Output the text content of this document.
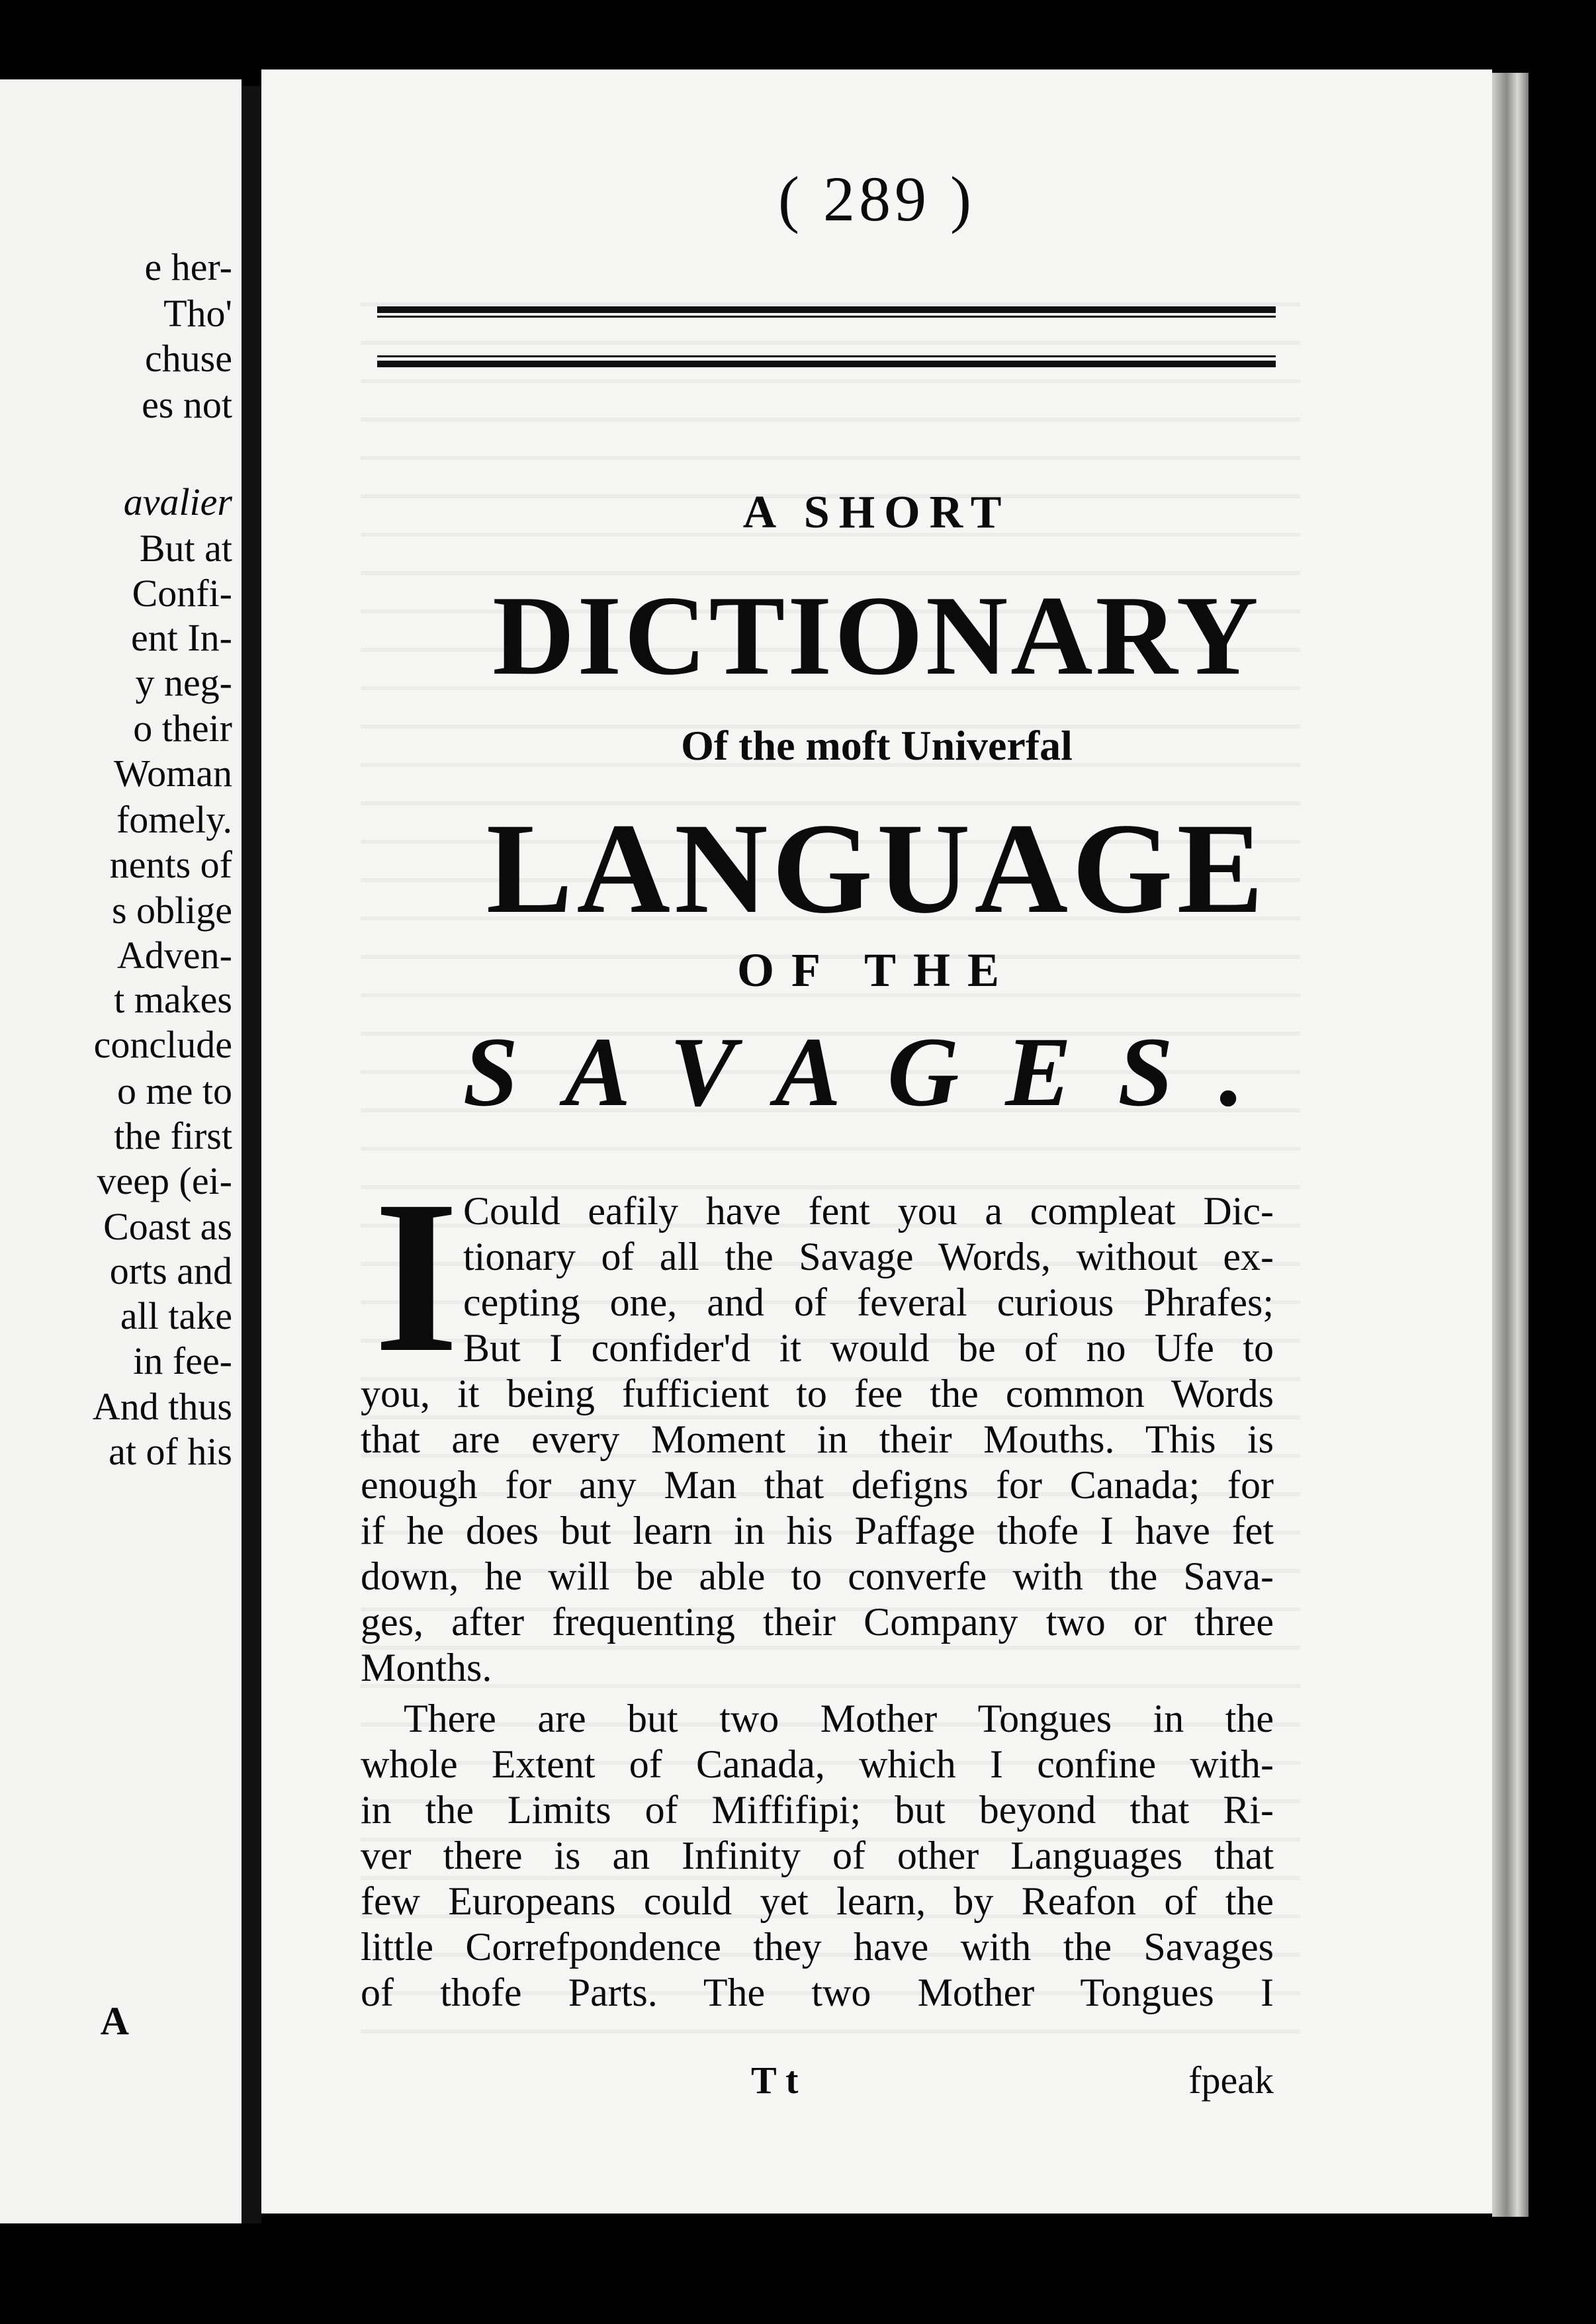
e her-
Tho'
chuse
es not
avalier
But at
Confi-
ent In-
y neg-
o their
Woman
fomely.
nents of
s oblige
Adven-
t makes
conclude
o me to
the first
veep (ei-
Coast as
orts and
all take
in fee-
And thus
at of his
A
( 289 )
A SHORT
DICTIONARY
Of the moft Univerfal
LANGUAGE
OF THE
SAVAGES.
I Could eafily have fent you a compleat Dic-
tionary of all the Savage Words, without ex-
cepting one, and of feveral curious Phrafes;
But I confider'd it would be of no Ufe to
you, it being fufficient to fee the common Words
that are every Moment in their Mouths. This is
enough for any Man that defigns for Canada; for
if he does but learn in his Paffage thofe I have fet
down, he will be able to converfe with the Sava-
ges, after frequenting their Company two or three
Months.
There are but two Mother Tongues in the
whole Extent of Canada, which I confine with-
in the Limits of Miffifipi; but beyond that Ri-
ver there is an Infinity of other Languages that
few Europeans could yet learn, by Reafon of the
little Correfpondence they have with the Savages
of thofe Parts. The two Mother Tongues I
T t	fpeak
